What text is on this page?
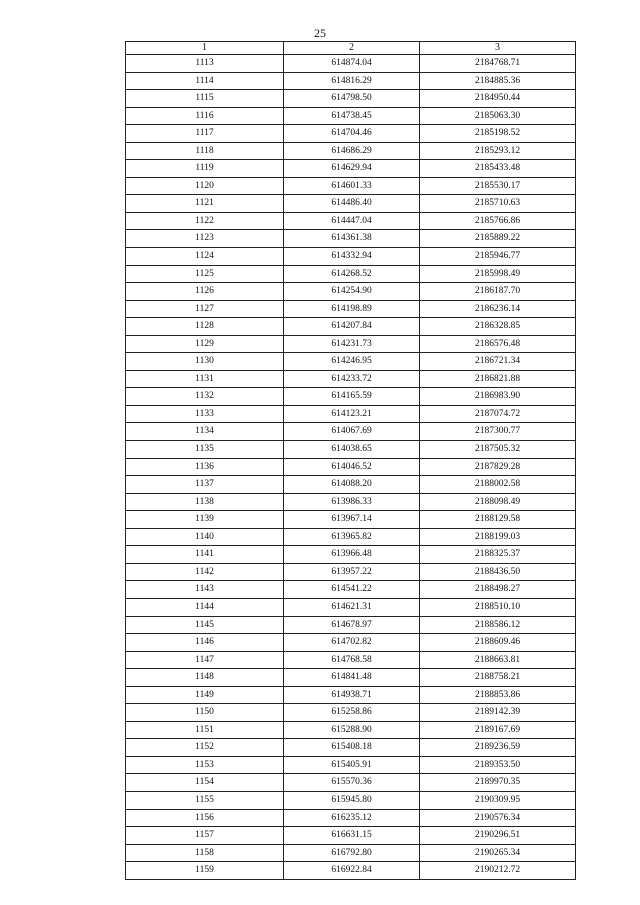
25
1	2	3
1113	614874.04	2184768.71
1114	614816.29	2184885.36
1115	614798.50	2184950.44
1116	614738.45	2185063.30
1117	614704.46	2185198.52
1118	614686.29	2185293.12
1119	614629.94	2185433.48
1120	614601.33	2185530.17
1121	614486.40	2185710.63
1122	614447.04	2185766.86
1123	614361.38	2185889.22
1124	614332.94	2185946.77
1125	614268.52	2185998.49
1126	614254.90	2186187.70
1127	614198.89	2186236.14
1128	614207.84	2186328.85
1129	614231.73	2186576.48
1130	614246.95	2186721.34
1131	614233.72	2186821.88
1132	614165.59	2186983.90
1133	614123.21	2187074.72
1134	614067.69	2187300.77
1135	614038.65	2187505.32
1136	614046.52	2187829.28
1137	614088.20	2188002.58
1138	613986.33	2188098.49
1139	613967.14	2188129.58
1140	613965.82	2188199.03
1141	613966.48	2188325.37
1142	613957.22	2188436.50
1143	614541.22	2188498.27
1144	614621.31	2188510.10
1145	614678.97	2188586.12
1146	614702.82	2188609.46
1147	614768.58	2188663.81
1148	614841.48	2188758.21
1149	614938.71	2188853.86
1150	615258.86	2189142.39
1151	615288.90	2189167.69
1152	615408.18	2189236.59
1153	615405.91	2189353.50
1154	615570.36	2189970.35
1155	615945.80	2190309.95
1156	616235.12	2190576.34
1157	616631.15	2190296.51
1158	616792.80	2190265.34
1159	616922.84	2190212.72
